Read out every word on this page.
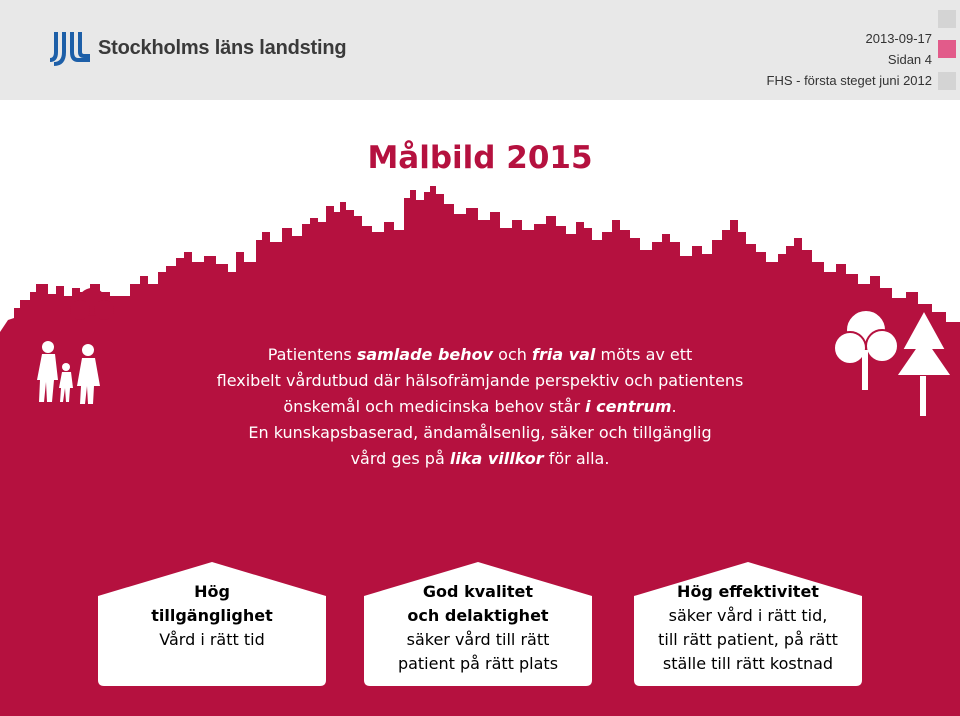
Stockholms läns landsting	2013-09-17
Sidan 4
FHS - första steget juni 2012
Målbild 2015
Patientens samlade behov och fria val möts av ett
flexibelt vårdutbud där hälsofrämjande perspektiv och patientens
önskemål och medicinska behov står i centrum.
En kunskapsbaserad, ändamålsenlig, säker och tillgänglig
vård ges på lika villkor för alla.
Hög
tillgänglighet
Vård i rätt tid
God kvalitet
och delaktighet
säker vård till rätt
patient på rätt plats
Hög effektivitet
säker vård i rätt tid,
till rätt patient, på rätt
ställe till rätt kostnad
